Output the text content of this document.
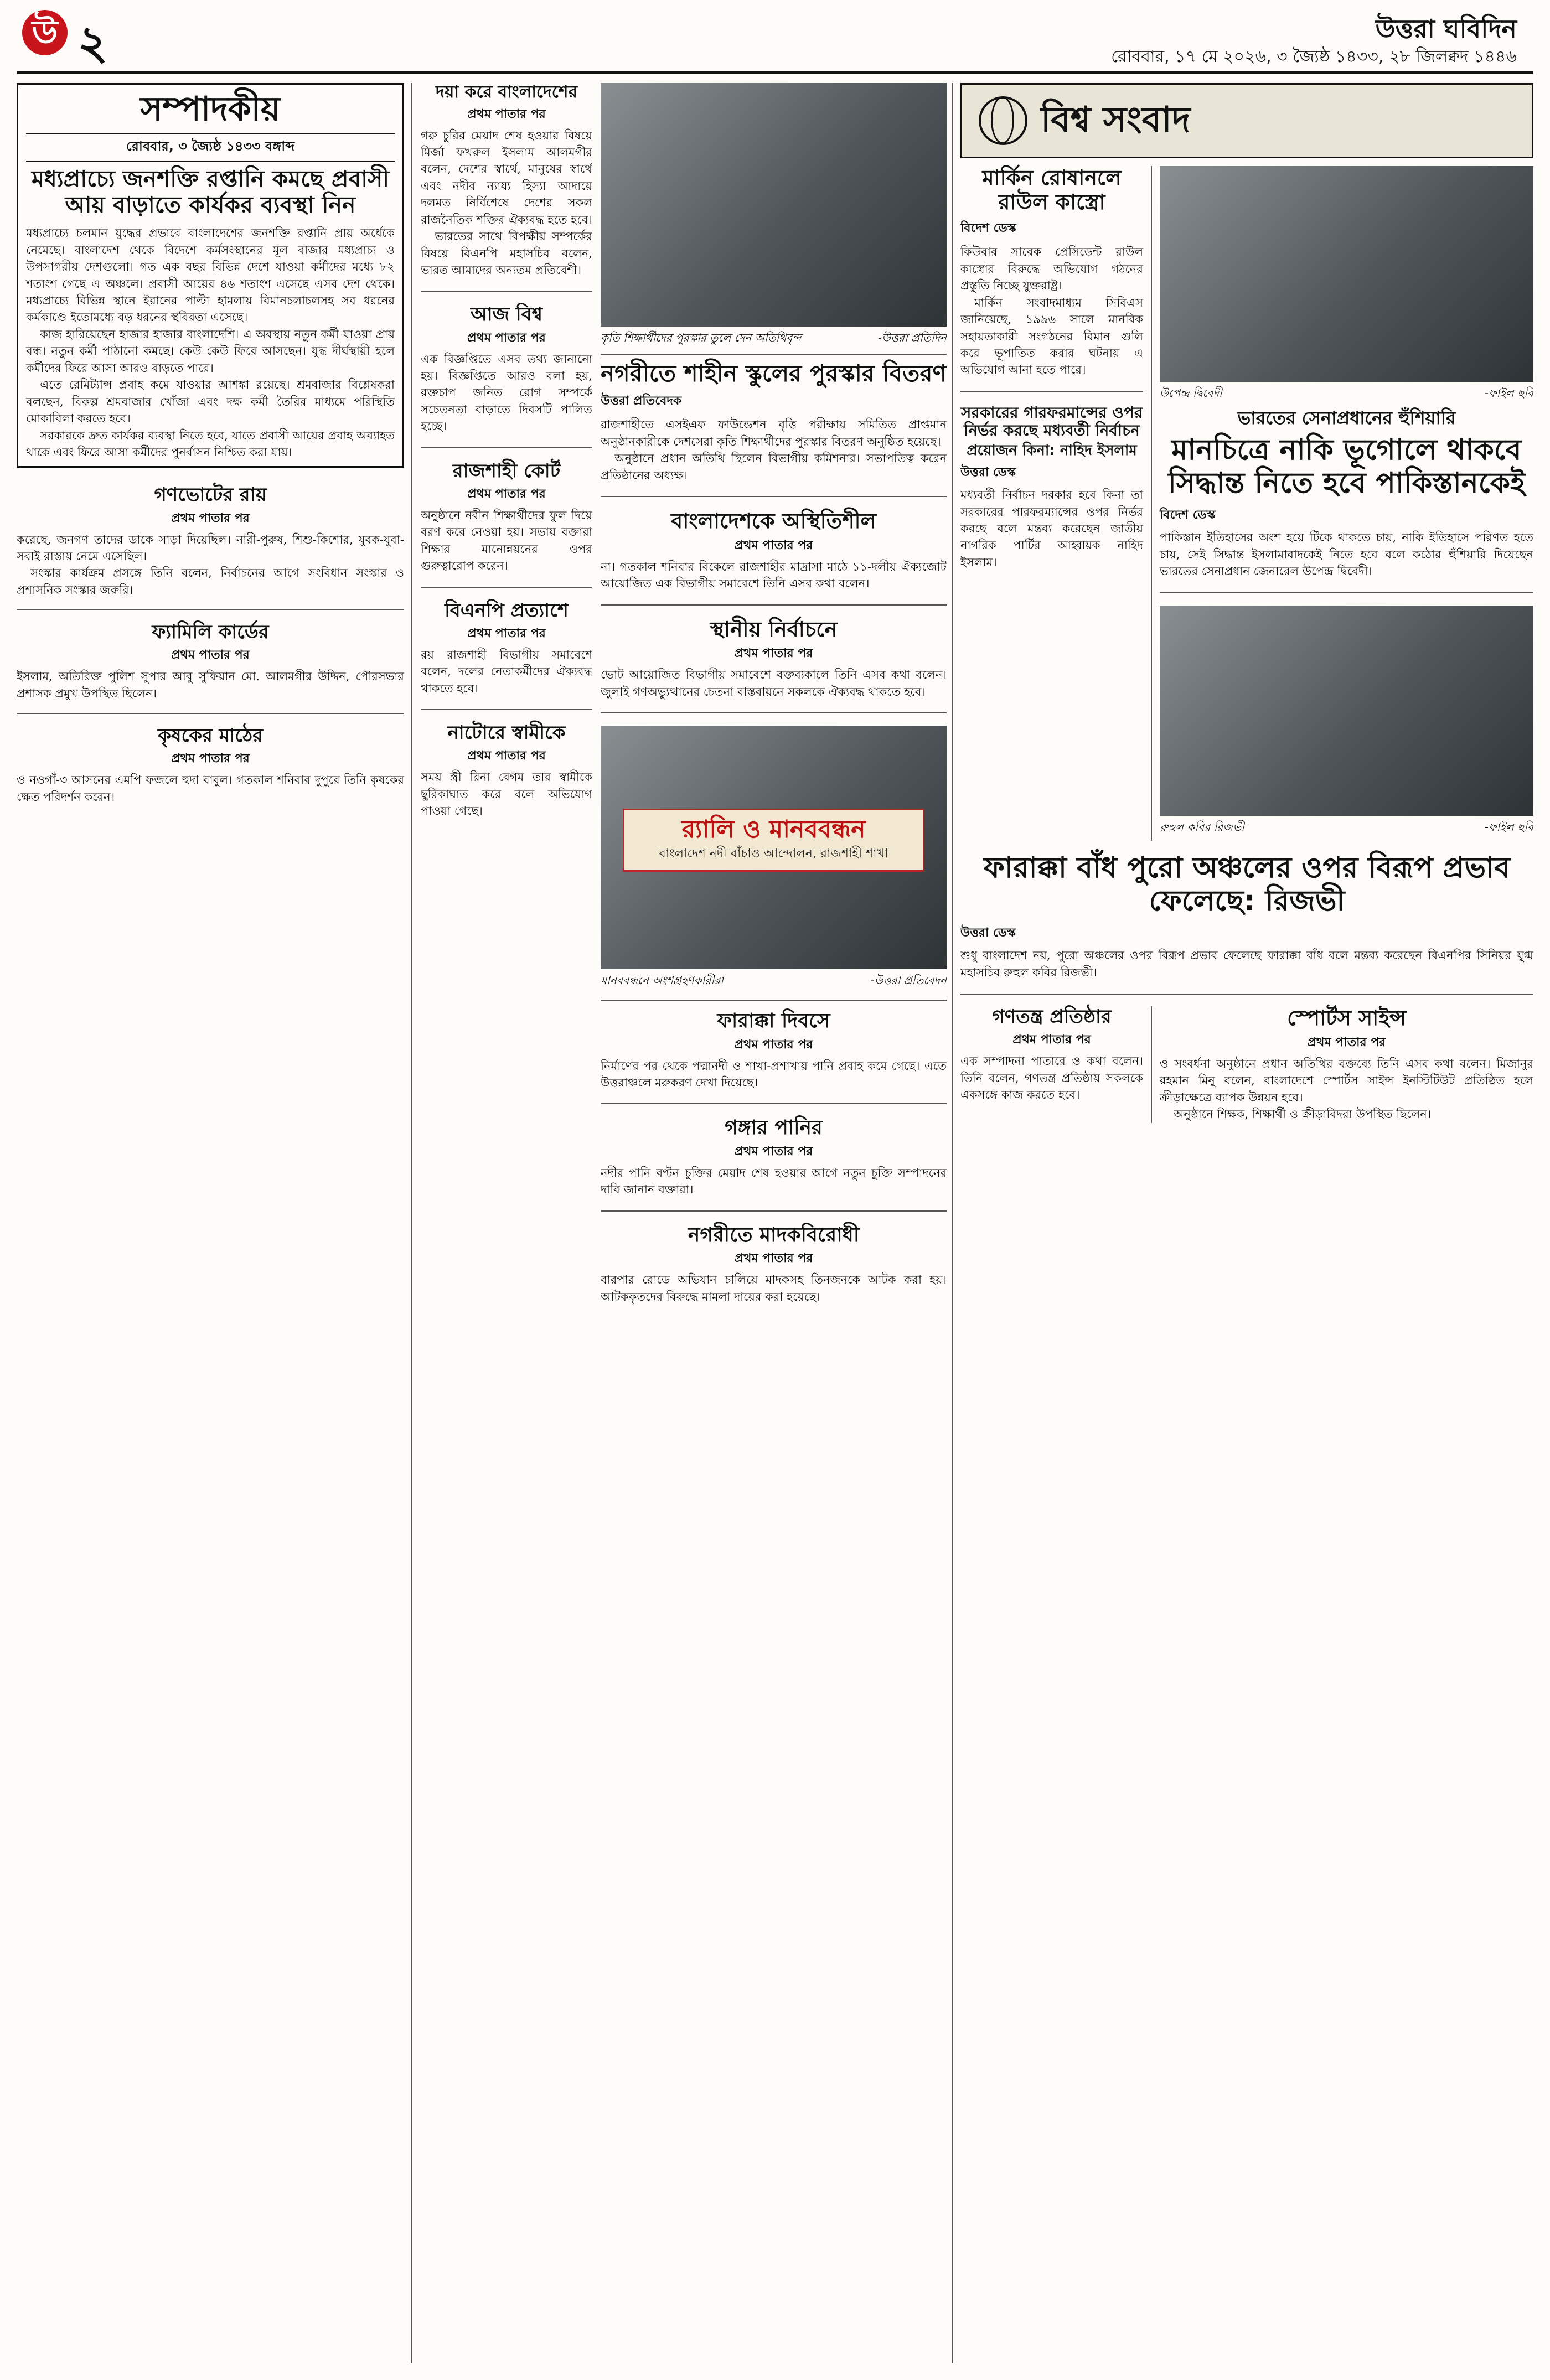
উ ২	উত্তরা ঘবিদিন
রোববার, ১৭ মে ২০২৬, ৩ জ্যৈষ্ঠ ১৪৩৩, ২৮ জিলক্বদ ১৪৪৬
সম্পাদকীয়
রোববার, ৩ জ্যৈষ্ঠ ১৪৩৩ বঙ্গাব্দ
মধ্যপ্রাচ্যে জনশক্তি রপ্তানি কমছে প্রবাসী আয় বাড়াতে কার্যকর ব্যবস্থা নিন

মধ্যপ্রাচ্যে চলমান যুদ্ধের প্রভাবে বাংলাদেশের জনশক্তি রপ্তানি প্রায় অর্ধেকে নেমেছে। বাংলাদেশ থেকে বিদেশে কর্মসংস্থানের মূল বাজার মধ্যপ্রাচ্য ও উপসাগরীয় দেশগুলো। গত এক বছর বিভিন্ন দেশে যাওয়া কর্মীদের মধ্যে ৮২ শতাংশ গেছে এ অঞ্চলে। প্রবাসী আয়ের ৪৬ শতাংশ এসেছে এসব দেশ থেকে। মধ্যপ্রাচ্যে বিভিন্ন স্থানে ইরানের পাল্টা হামলায় বিমানচলাচলসহ সব ধরনের কর্মকাণ্ডে ইতোমধ্যে বড় ধরনের স্থবিরতা এসেছে।

কাজ হারিয়েছেন হাজার হাজার বাংলাদেশি। এ অবস্থায় নতুন কর্মী যাওয়া প্রায় বন্ধ। নতুন কর্মী পাঠানো কমছে। কেউ কেউ ফিরে আসছেন। যুদ্ধ দীর্ঘস্থায়ী হলে কর্মীদের ফিরে আসা আরও বাড়তে পারে।

এতে রেমিট্যান্স প্রবাহ কমে যাওয়ার আশঙ্কা রয়েছে। শ্রমবাজার বিশ্লেষকরা বলছেন, বিকল্প শ্রমবাজার খোঁজা এবং দক্ষ কর্মী তৈরির মাধ্যমে পরিস্থিতি মোকাবিলা করতে হবে।

সরকারকে দ্রুত কার্যকর ব্যবস্থা নিতে হবে, যাতে প্রবাসী আয়ের প্রবাহ অব্যাহত থাকে এবং ফিরে আসা কর্মীদের পুনর্বাসন নিশ্চিত করা যায়।

গণভোটের রায়
প্রথম পাতার পর

করেছে, জনগণ তাদের ডাকে সাড়া দিয়েছিল। নারী-পুরুষ, শিশু-কিশোর, যুবক-যুবা-সবাই রাস্তায় নেমে এসেছিল।

সংস্কার কার্যক্রম প্রসঙ্গে তিনি বলেন, নির্বাচনের আগে সংবিধান সংস্কার ও প্রশাসনিক সংস্কার জরুরি।

ফ্যামিলি কার্ডের
প্রথম পাতার পর

ইসলাম, অতিরিক্ত পুলিশ সুপার আবু সুফিয়ান মো. আলমগীর উদ্দিন, পৌরসভার প্রশাসক প্রমুখ উপস্থিত ছিলেন।

কৃষকের মাঠের
প্রথম পাতার পর

ও নওগাঁ-৩ আসনের এমপি ফজলে হুদা বাবুল। গতকাল শনিবার দুপুরে তিনি কৃষকের ক্ষেত পরিদর্শন করেন।

দয়া করে বাংলাদেশের
প্রথম পাতার পর

গরু চুরির মেয়াদ শেষ হওয়ার বিষয়ে মির্জা ফখরুল ইসলাম আলমগীর বলেন, দেশের স্বার্থে, মানুষের স্বার্থে এবং নদীর ন্যায্য হিস্যা আদায়ে দলমত নির্বিশেষে দেশের সকল রাজনৈতিক শক্তির ঐক্যবদ্ধ হতে হবে।

ভারতের সাথে বিপক্ষীয় সম্পর্কের বিষয়ে বিএনপি মহাসচিব বলেন, ভারত আমাদের অন্যতম প্রতিবেশী।

আজ বিশ্ব
প্রথম পাতার পর

এক বিজ্ঞপ্তিতে এসব তথ্য জানানো হয়। বিজ্ঞপ্তিতে আরও বলা হয়, রক্তচাপ জনিত রোগ সম্পর্কে সচেতনতা বাড়াতে দিবসটি পালিত হচ্ছে।

রাজশাহী কোর্ট
প্রথম পাতার পর

অনুষ্ঠানে নবীন শিক্ষার্থীদের ফুল দিয়ে বরণ করে নেওয়া হয়। সভায় বক্তারা শিক্ষার মানোন্নয়নের ওপর গুরুত্বারোপ করেন।

বিএনপি প্রত্যাশে
প্রথম পাতার পর

রয় রাজশাহী বিভাগীয় সমাবেশে বলেন, দলের নেতাকর্মীদের ঐক্যবদ্ধ থাকতে হবে।

নাটোরে স্বামীকে
প্রথম পাতার পর

সময় স্ত্রী রিনা বেগম তার স্বামীকে ছুরিকাঘাত করে বলে অভিযোগ পাওয়া গেছে।

কৃতি শিক্ষার্থীদের পুরস্কার তুলে দেন অতিথিবৃন্দ	-উত্তরা প্রতিদিন
নগরীতে শাহীন স্কুলের পুরস্কার বিতরণ
উত্তরা প্রতিবেদক

রাজশাহীতে এসইএফ ফাউন্ডেশন বৃত্তি পরীক্ষায় সমিতিত প্রাপ্তমান অনুষ্ঠানকারীকে দেশসেরা কৃতি শিক্ষার্থীদের পুরস্কার বিতরণ অনুষ্ঠিত হয়েছে।

অনুষ্ঠানে প্রধান অতিথি ছিলেন বিভাগীয় কমিশনার। সভাপতিত্ব করেন প্রতিষ্ঠানের অধ্যক্ষ।

বাংলাদেশকে অস্থিতিশীল
প্রথম পাতার পর

না। গতকাল শনিবার বিকেলে রাজশাহীর মাদ্রাসা মাঠে ১১-দলীয় ঐক্যজোট আয়োজিত এক বিভাগীয় সমাবেশে তিনি এসব কথা বলেন।

স্থানীয় নির্বাচনে
প্রথম পাতার পর

ভোট আয়োজিত বিভাগীয় সমাবেশে বক্তব্যকালে তিনি এসব কথা বলেন। জুলাই গণঅভ্যুত্থানের চেতনা বাস্তবায়নে সকলকে ঐক্যবদ্ধ থাকতে হবে।

র‍্যালি ও মানববন্ধন
বাংলাদেশ নদী বাঁচাও আন্দোলন, রাজশাহী শাখা
মানববন্ধনে অংশগ্রহণকারীরা	-উত্তরা প্রতিবেদন
ফারাক্কা দিবসে
প্রথম পাতার পর

নির্মাণের পর থেকে পদ্মানদী ও শাখা-প্রশাখায় পানি প্রবাহ কমে গেছে। এতে উত্তরাঞ্চলে মরুকরণ দেখা দিয়েছে।

গঙ্গার পানির
প্রথম পাতার পর

নদীর পানি বণ্টন চুক্তির মেয়াদ শেষ হওয়ার আগে নতুন চুক্তি সম্পাদনের দাবি জানান বক্তারা।

নগরীতে মাদকবিরোধী
প্রথম পাতার পর

বারপার রোডে অভিযান চালিয়ে মাদকসহ তিনজনকে আটক করা হয়। আটককৃতদের বিরুদ্ধে মামলা দায়ের করা হয়েছে।

বিশ্ব সংবাদ
মার্কিন রোষানলে রাউল কাস্ত্রো
বিদেশ ডেস্ক

কিউবার সাবেক প্রেসিডেন্ট রাউল কাস্ত্রোর বিরুদ্ধে অভিযোগ গঠনের প্রস্তুতি নিচ্ছে যুক্তরাষ্ট্র।

মার্কিন সংবাদমাধ্যম সিবিএস জানিয়েছে, ১৯৯৬ সালে মানবিক সহায়তাকারী সংগঠনের বিমান গুলি করে ভূপাতিত করার ঘটনায় এ অভিযোগ আনা হতে পারে।

সরকারের গারফরমান্সের ওপর নির্ভর করছে মধ্যবর্তী নির্বাচন
প্রয়োজন কিনা: নাহিদ ইসলাম
উত্তরা ডেস্ক

মধ্যবর্তী নির্বাচন দরকার হবে কিনা তা সরকারের পারফরম্যান্সের ওপর নির্ভর করছে বলে মন্তব্য করেছেন জাতীয় নাগরিক পার্টির আহ্বায়ক নাহিদ ইসলাম।

উপেন্দ্র দ্বিবেদী	-ফাইল ছবি
ভারতের সেনাপ্রধানের হুঁশিয়ারি
মানচিত্রে নাকি ভূগোলে থাকবে সিদ্ধান্ত নিতে হবে পাকিস্তানকেই
বিদেশ ডেস্ক

পাকিস্তান ইতিহাসের অংশ হয়ে টিকে থাকতে চায়, নাকি ইতিহাসে পরিণত হতে চায়, সেই সিদ্ধান্ত ইসলামাবাদকেই নিতে হবে বলে কঠোর হুঁশিয়ারি দিয়েছেন ভারতের সেনাপ্রধান জেনারেল উপেন্দ্র দ্বিবেদী।

রুহুল কবির রিজভী	-ফাইল ছবি
ফারাক্কা বাঁধ পুরো অঞ্চলের ওপর বিরূপ প্রভাব ফেলেছে: রিজভী
উত্তরা ডেস্ক

শুধু বাংলাদেশ নয়, পুরো অঞ্চলের ওপর বিরূপ প্রভাব ফেলেছে ফারাক্কা বাঁধ বলে মন্তব্য করেছেন বিএনপির সিনিয়র যুগ্ম মহাসচিব রুহুল কবির রিজভী।

গণতন্ত্র প্রতিষ্ঠার
প্রথম পাতার পর

এক সম্পাদনা পাতারে ও কথা বলেন। তিনি বলেন, গণতন্ত্র প্রতিষ্ঠায় সকলকে একসঙ্গে কাজ করতে হবে।

স্পোর্টস সাইন্স
প্রথম পাতার পর

ও সংবর্ধনা অনুষ্ঠানে প্রধান অতিথির বক্তব্যে তিনি এসব কথা বলেন। মিজানুর রহমান মিনু বলেন, বাংলাদেশে স্পোর্টস সাইন্স ইনস্টিটিউট প্রতিষ্ঠিত হলে ক্রীড়াক্ষেত্রে ব্যাপক উন্নয়ন হবে।

অনুষ্ঠানে শিক্ষক, শিক্ষার্থী ও ক্রীড়াবিদরা উপস্থিত ছিলেন।
